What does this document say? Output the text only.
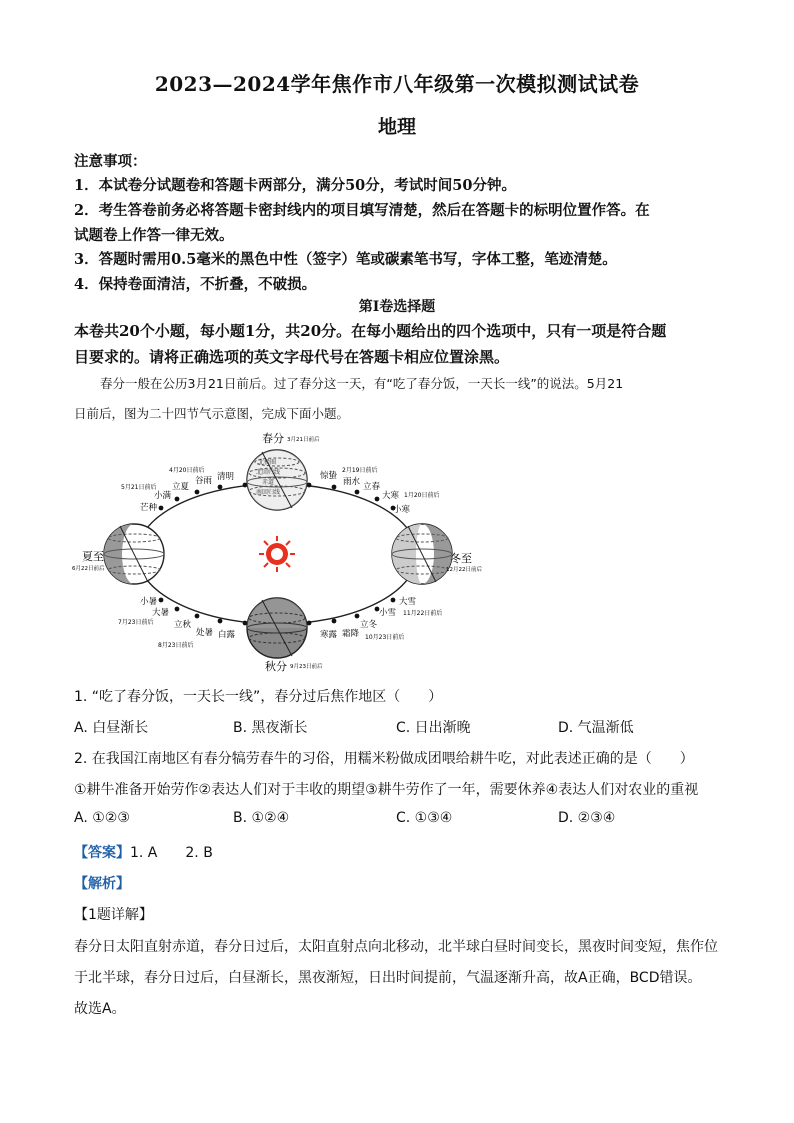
2023—2024学年焦作市八年级第一次模拟测试试卷
地理
注意事项：
1．本试卷分试题卷和答题卡两部分，满分50分，考试时间50分钟。
2．考生答卷前务必将答题卡密封线内的项目填写清楚，然后在答题卡的标明位置作答。在
试题卷上作答一律无效。
3．答题时需用0.5毫米的黑色中性（签字）笔或碳素笔书写，字体工整，笔迹清楚。
4．保持卷面清洁，不折叠，不破损。
第Ⅰ卷选择题
本卷共20个小题，每小题1分，共20分。在每小题给出的四个选项中，只有一项是符合题
目要求的。请将正确选项的英文字母代号在答题卡相应位置涂黑。
春分一般在公历3月21日前后。过了春分这一天，有“吃了春分饭，一天长一线”的说法。5月21
日前后，图为二十四节气示意图，完成下面小题。
北极圈
北回归线
赤道
南回归线
春分 3月21日前后
秋分 9月23日前后
夏至
6月22日前后
冬至
12月22日前后
清明
谷雨
立夏
小满
芒种
4月20日前后
5月21日前后
惊蛰
雨水 立春
大寒
小寒
2月19日前后
1月20日前后
小暑
大暑
立秋
处暑 白露
7月23日前后
8月23日前后
大雪
小雪
立冬
霜降
寒露
11月22日前后
10月23日前后
1. “吃了春分饭，一天长一线”，春分过后焦作地区（　　）
A. 白昼渐长	B. 黑夜渐长	C. 日出渐晚	D. 气温渐低
2. 在我国江南地区有春分犒劳春牛的习俗，用糯米粉做成团喂给耕牛吃，对此表述正确的是（　　）
①耕牛准备开始劳作②表达人们对于丰收的期望③耕牛劳作了一年，需要休养④表达人们对农业的重视
A. ①②③	B. ①②④	C. ①③④	D. ②③④
【答案】1. A　　2. B
【解析】
【1题详解】
春分日太阳直射赤道，春分日过后，太阳直射点向北移动，北半球白昼时间变长，黑夜时间变短，焦作位
于北半球，春分日过后，白昼渐长，黑夜渐短，日出时间提前，气温逐渐升高，故A正确，BCD错误。
故选A。
